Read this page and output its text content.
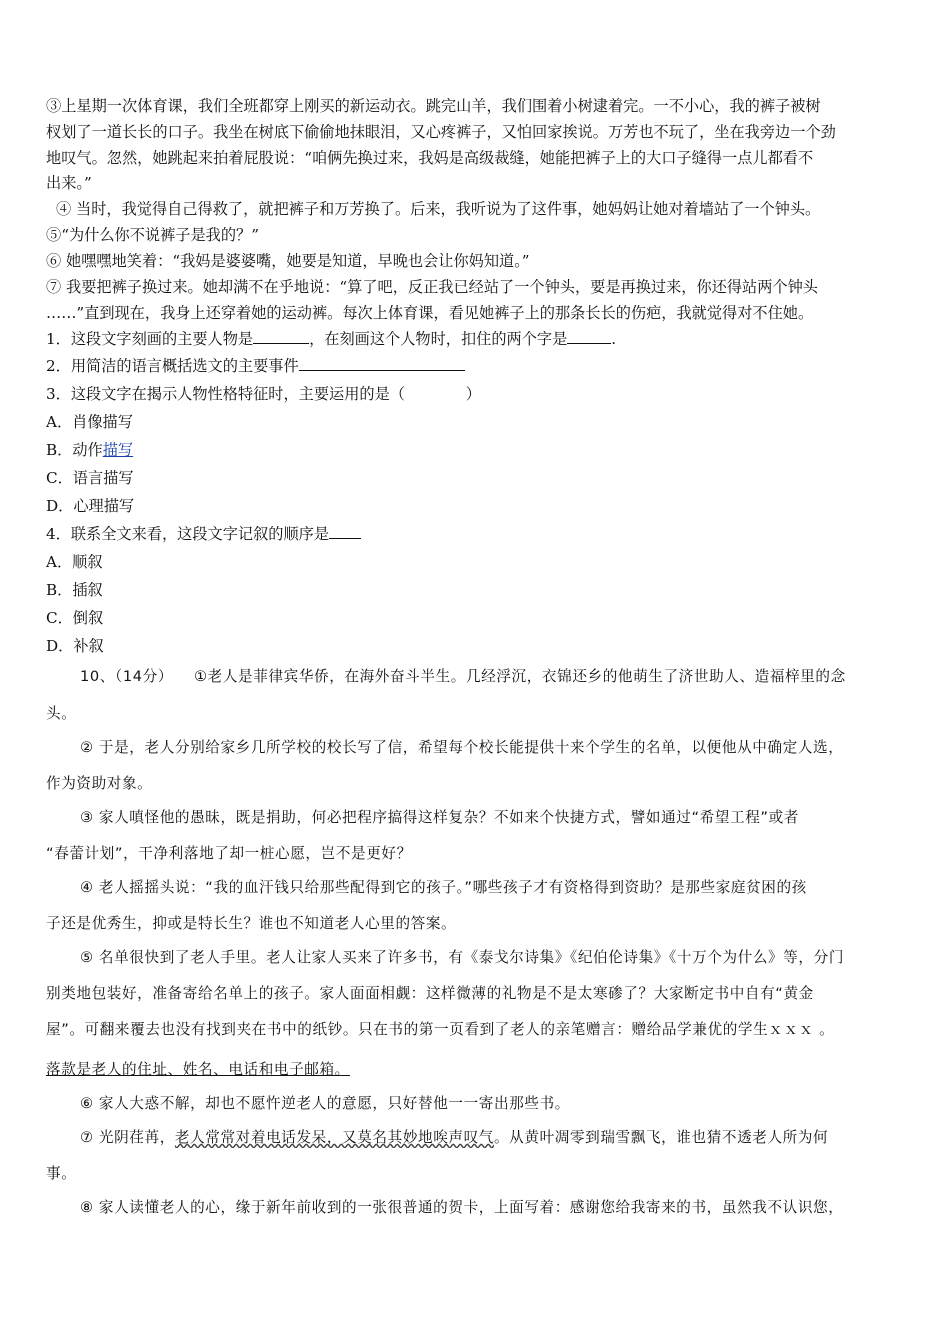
③上星期一次体育课，我们全班都穿上刚买的新运动衣。跳完山羊，我们围着小树逮着完。一不小心，我的裤子被树
杈划了一道长长的口子。我坐在树底下偷偷地抹眼泪，又心疼裤子，又怕回家挨说。万芳也不玩了，坐在我旁边一个劲
地叹气。忽然，她跳起来拍着屁股说：“咱俩先换过来，我妈是高级裁缝，她能把裤子上的大口子缝得一点儿都看不
出来。”
④ 当时，我觉得自己得救了，就把裤子和万芳换了。后来，我听说为了这件事，她妈妈让她对着墙站了一个钟头。
⑤“为什么你不说裤子是我的？”
⑥ 她嘿嘿地笑着：“我妈是婆婆嘴，她要是知道，早晚也会让你妈知道。”
⑦ 我要把裤子换过来。她却满不在乎地说：“算了吧，反正我已经站了一个钟头，要是再换过来，你还得站两个钟头
……”直到现在，我身上还穿着她的运动裤。每次上体育课，看见她裤子上的那条长长的伤疤，我就觉得对不住她。
1．这段文字刻画的主要人物是	，在刻画这个人物时，扣住的两个字是	.
2．用简洁的语言概括选文的主要事件
3．这段文字在揭示人物性格特征时，主要运用的是（　　　　）
A．肖像描写
B．动作描写
C．语言描写
D．心理描写
4．联系全文来看，这段文字记叙的顺序是
A．顺叙
B．插叙
C．倒叙
D．补叙
10、（14分） ①老人是菲律宾华侨，在海外奋斗半生。几经浮沉，衣锦还乡的他萌生了济世助人、造福梓里的念
头。
② 于是，老人分别给家乡几所学校的校长写了信，希望每个校长能提供十来个学生的名单，以便他从中确定人选，
作为资助对象。
③ 家人嗔怪他的愚昧，既是捐助，何必把程序搞得这样复杂？不如来个快捷方式，譬如通过“希望工程”或者
“春蕾计划”，干净利落地了却一桩心愿，岂不是更好？
④ 老人摇摇头说：“我的血汗钱只给那些配得到它的孩子。”哪些孩子才有资格得到资助？是那些家庭贫困的孩
子还是优秀生，抑或是特长生？谁也不知道老人心里的答案。
⑤ 名单很快到了老人手里。老人让家人买来了许多书，有《泰戈尔诗集》《纪伯伦诗集》《十万个为什么》等，分门
别类地包装好，准备寄给名单上的孩子。家人面面相觑：这样微薄的礼物是不是太寒碜了？大家断定书中自有“黄金
屋”。可翻来覆去也没有找到夹在书中的纸钞。只在书的第一页看到了老人的亲笔赠言：赠给品学兼优的学生ｘｘｘ 。
落款是老人的住址、姓名、电话和电子邮箱。
⑥ 家人大惑不解，却也不愿忤逆老人的意愿，只好替他一一寄出那些书。
⑦ 光阴荏苒，老人常常对着电话发呆，又莫名其妙地唉声叹气。从黄叶凋零到瑞雪飘飞，谁也猜不透老人所为何
事。
⑧ 家人读懂老人的心，缘于新年前收到的一张很普通的贺卡，上面写着：感谢您给我寄来的书，虽然我不认识您，
